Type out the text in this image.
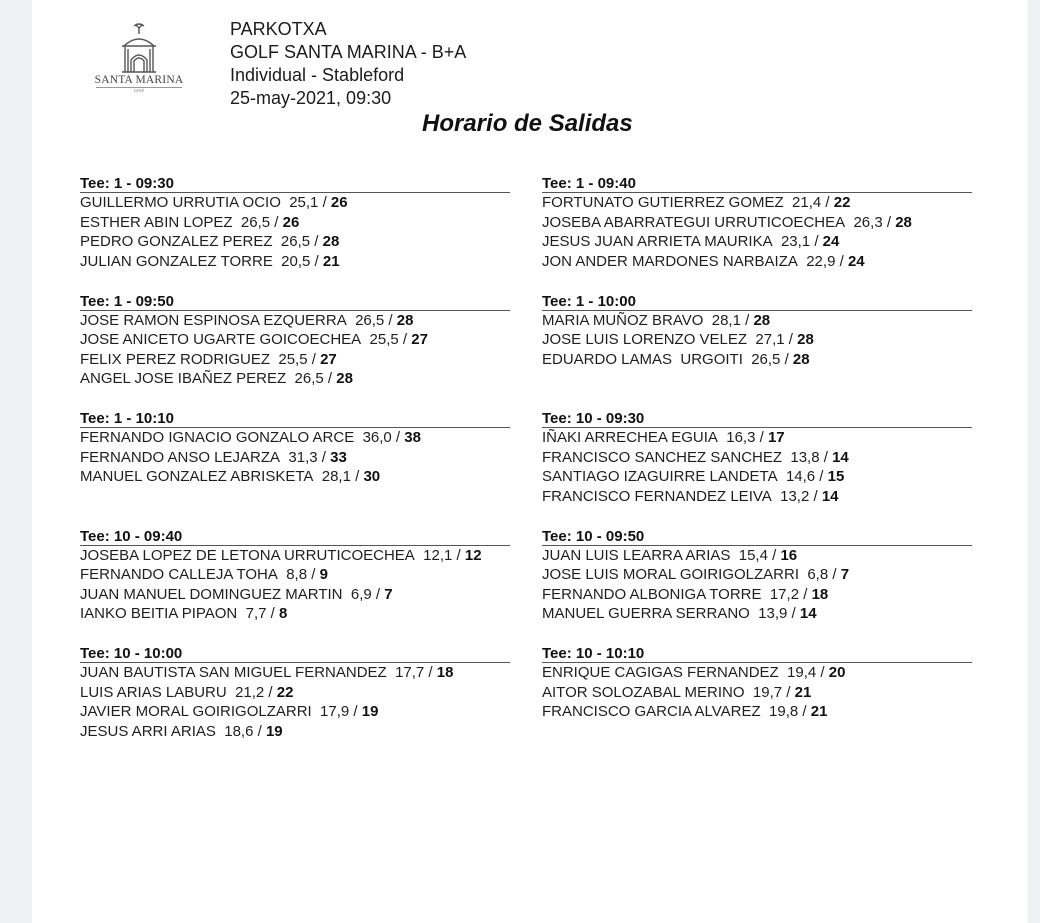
SANTA MARINA
GOLF
PARKOTXA
GOLF SANTA MARINA - B+A
Individual - Stableford
25-may-2021, 09:30
Horario de Salidas
Tee: 1 - 09:30
GUILLERMO URRUTIA OCIO 25,1 / 26
ESTHER ABIN LOPEZ 26,5 / 26
PEDRO GONZALEZ PEREZ 26,5 / 28
JULIAN GONZALEZ TORRE 20,5 / 21
Tee: 1 - 09:40
FORTUNATO GUTIERREZ GOMEZ 21,4 / 22
JOSEBA ABARRATEGUI URRUTICOECHEA 26,3 / 28
JESUS JUAN ARRIETA MAURIKA 23,1 / 24
JON ANDER MARDONES NARBAIZA 22,9 / 24
Tee: 1 - 09:50
JOSE RAMON ESPINOSA EZQUERRA 26,5 / 28
JOSE ANICETO UGARTE GOICOECHEA 25,5 / 27
FELIX PEREZ RODRIGUEZ 25,5 / 27
ANGEL JOSE IBAÑEZ PEREZ 26,5 / 28
Tee: 1 - 10:00
MARIA MUÑOZ BRAVO 28,1 / 28
JOSE LUIS LORENZO VELEZ 27,1 / 28
EDUARDO LAMAS  URGOITI 26,5 / 28
Tee: 1 - 10:10
FERNANDO IGNACIO GONZALO ARCE 36,0 / 38
FERNANDO ANSO LEJARZA 31,3 / 33
MANUEL GONZALEZ ABRISKETA 28,1 / 30
Tee: 10 - 09:30
IÑAKI ARRECHEA EGUIA 16,3 / 17
FRANCISCO SANCHEZ SANCHEZ 13,8 / 14
SANTIAGO IZAGUIRRE LANDETA 14,6 / 15
FRANCISCO FERNANDEZ LEIVA 13,2 / 14
Tee: 10 - 09:40
JOSEBA LOPEZ DE LETONA URRUTICOECHEA 12,1 / 12
FERNANDO CALLEJA TOHA 8,8 / 9
JUAN MANUEL DOMINGUEZ MARTIN 6,9 / 7
IANKO BEITIA PIPAON 7,7 / 8
Tee: 10 - 09:50
JUAN LUIS LEARRA ARIAS 15,4 / 16
JOSE LUIS MORAL GOIRIGOLZARRI 6,8 / 7
FERNANDO ALBONIGA TORRE 17,2 / 18
MANUEL GUERRA SERRANO 13,9 / 14
Tee: 10 - 10:00
JUAN BAUTISTA SAN MIGUEL FERNANDEZ 17,7 / 18
LUIS ARIAS LABURU 21,2 / 22
JAVIER MORAL GOIRIGOLZARRI 17,9 / 19
JESUS ARRI ARIAS 18,6 / 19
Tee: 10 - 10:10
ENRIQUE CAGIGAS FERNANDEZ 19,4 / 20
AITOR SOLOZABAL MERINO 19,7 / 21
FRANCISCO GARCIA ALVAREZ 19,8 / 21
